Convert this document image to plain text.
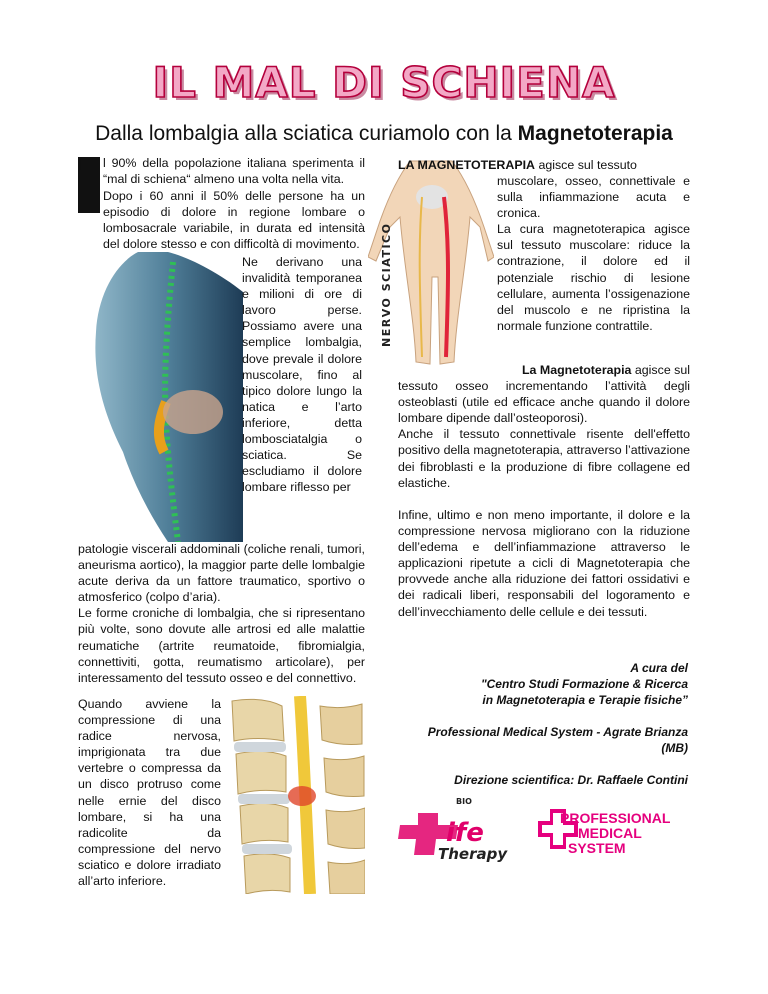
IL MAL DI SCHIENA
Dalla lombalgia alla sciatica curiamolo con la Magnetoterapia
I	l 90% della popolazione italiana sperimenta il “mal di schiena“ almeno una volta nella vita.

Dopo i 60 anni il 50% delle persone ha un episodio di dolore in regione lombare o lombosacrale variabile, in durata ed intensità del dolore stesso e con difficoltà di movimento.

Ne derivano una invalidità temporanea e milioni di ore di lavoro perse. Possiamo avere una semplice lombalgia, dove prevale il dolore muscolare, fino al tipico dolore lungo la natica e l’arto inferiore, detta lombosciatalgia o sciatica. Se escludiamo il dolore lombare riflesso per

patologie viscerali addominali (coliche renali, tumori, aneurisma aortico), la maggior parte delle lombalgie acute deriva da un fattore traumatico, sportivo o atmosferico (colpo d’aria).

Le forme croniche di lombalgia, che si ripresentano più volte, sono dovute alle artrosi ed alle malattie reumatiche (artrite reumatoide, fibromialgia, connettiviti, gotta, reumatismo articolare), per interessamento del tessuto osseo e del connettivo.

Quando avviene la compressione di una radice nervosa, imprigionata tra due vertebre o compressa da un disco protruso come nelle ernie del disco lombare, si ha una radicolite da compressione del nervo sciatico e dolore irradiato all’arto inferiore.
NERVO SCIATICO
LA MAGNETOTERAPIA agisce sul tessuto

muscolare, osseo, connettivale e sulla infiammazione acuta e cronica.

La cura magnetoterapica agisce sul tessuto muscolare: riduce la contrazione, il dolore ed il potenziale rischio di lesione cellulare, aumenta l’ossigenazione del muscolo e ne ripristina la normale funzione contrattile.

La Magnetoterapia agisce sul

tessuto osseo incrementando l’attività degli osteoblasti (utile ed efficace anche quando il dolore lombare dipende dall’osteoporosi).

Anche il tessuto connettivale risente dell'effetto positivo della magnetoterapia, attraverso l’attivazione dei fibroblasti e la produzione di fibre collagene ed elastiche.

Infine, ultimo e non meno importante, il dolore e la compressione nervosa migliorano con la riduzione dell’edema e dell’infiammazione attraverso le applicazioni ripetute a cicli di Magnetoterapia che provvede anche alla riduzione dei fattori ossidativi e dei radicali liberi, responsabili del logoramento e dell’invecchiamento delle cellule e dei tessuti.

A cura del

"Centro Studi Formazione & Ricerca

in Magnetoterapia e Terapie fisiche”

Professional Medical System - Agrate Brianza (MB)

Direzione scientifica: Dr. Raffaele Contini

BIO
ife
Therapy
PROFESSIONAL
MEDICAL
SYSTEM
